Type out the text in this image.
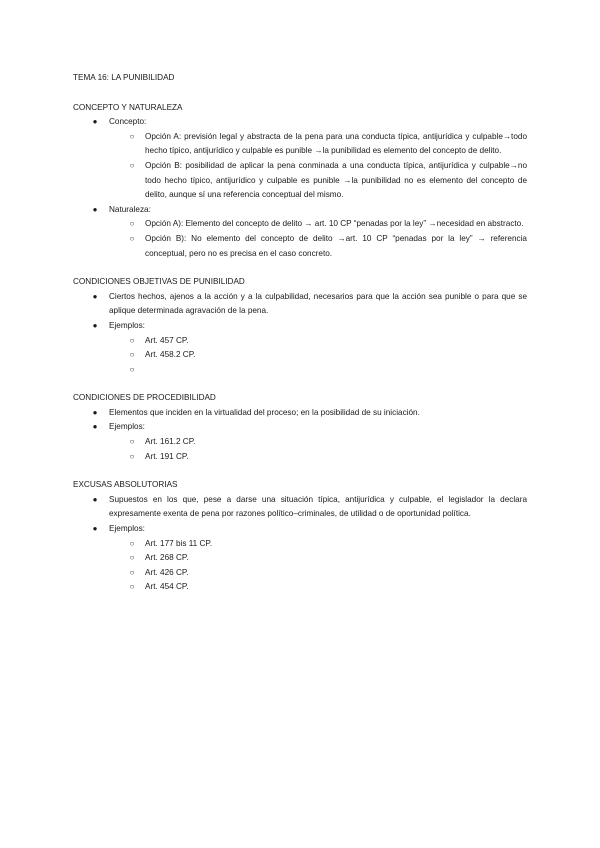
TEMA 16: LA PUNIBILIDAD
CONCEPTO Y NATURALEZA
●	Concepto:
○	Opción A: previsión legal y abstracta de la pena para una conducta típica, antijurídica y culpable→todo hecho típico, antijurídico y culpable es punible →la punibilidad es elemento del concepto de delito.
○	Opción B: posibilidad de aplicar la pena conminada a una conducta típica, antijurídica y culpable→no todo hecho típico, antijurídico y culpable es punible →la punibilidad no es elemento del concepto de delito, aunque sí una referencia conceptual del mismo.
●	Naturaleza:
○	Opción A): Elemento del concepto de delito → art. 10 CP “penadas por la ley” →necesidad en abstracto.
○	Opción B): No elemento del concepto de delito →art. 10 CP “penadas por la ley” → referencia conceptual, pero no es precisa en el caso concreto.
CONDICIONES OBJETIVAS DE PUNIBILIDAD
●	Ciertos hechos, ajenos a la acción y a la culpabilidad, necesarios para que la acción sea punible o para que se aplique determinada agravación de la pena.
●	Ejemplos:
○	Art. 457 CP.
○	Art. 458.2 CP.
○
CONDICIONES DE PROCEDIBILIDAD
●	Elementos que inciden en la virtualidad del proceso; en la posibilidad de su iniciación.
●	Ejemplos:
○	Art. 161.2 CP.
○	Art. 191 CP.
EXCUSAS ABSOLUTORIAS
●	Supuestos en los que, pese a darse una situación típica, antijurídica y culpable, el legislador la declara expresamente exenta de pena por razones político–criminales, de utilidad o de oportunidad política.
●	Ejemplos:
○	Art. 177 bis 11 CP.
○	Art. 268 CP.
○	Art. 426 CP.
○	Art. 454 CP.
